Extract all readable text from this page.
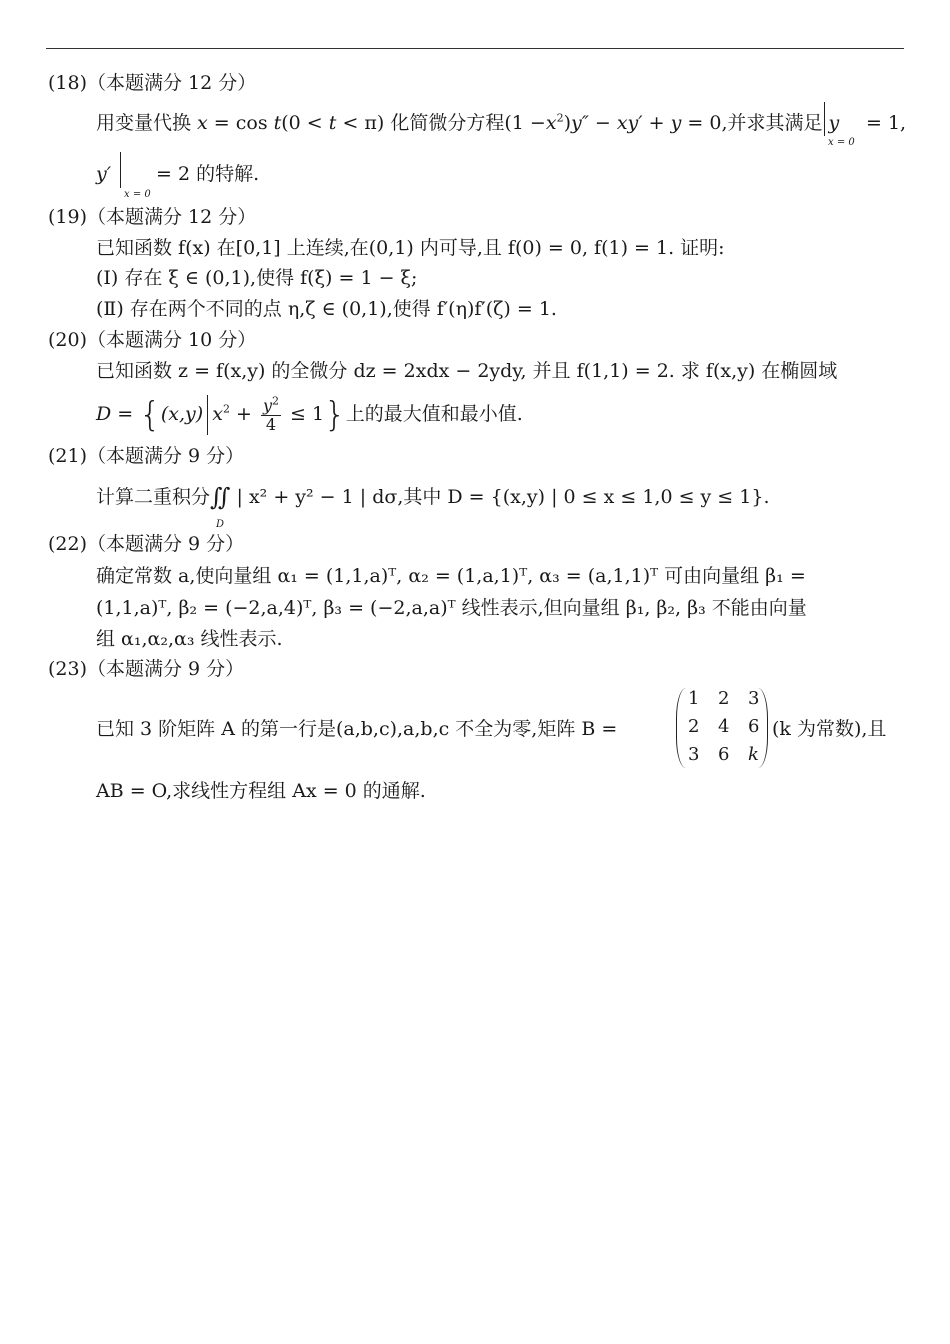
(18)（本题满分 12 分）
用变量代换 x = cos t(0 < t < π) 化简微分方程$(1 -x^2)y'' - xy' + y = 0$,并求其满足 y
x = 0
= 1,
y′
x = 0
= 2 的特解.
(19)（本题满分 12 分）
已知函数 f(x) 在[0,1] 上连续,在(0,1) 内可导,且 f(0) = 0, f(1) = 1. 证明:
(Ⅰ) 存在 ξ ∈ (0,1),使得 f(ξ) = 1 − ξ;
(Ⅱ) 存在两个不同的点 η,ζ ∈ (0,1),使得 f′(η)f′(ζ) = 1.
(20)（本题满分 10 分）
已知函数 z = f(x,y) 的全微分 dz = 2xdx − 2ydy, 并且 f(1,1) = 2. 求 f(x,y) 在椭圆域
D = {(x,y) $x^2 + \frac{y^2}{4} \le 1$}上的最大值和最小值.
(21)（本题满分 9 分）
计算二重积分∬
D
| x² + y² − 1 | dσ,其中 D = {(x,y) | 0 ≤ x ≤ 1,0 ≤ y ≤ 1}.
(22)（本题满分 9 分）
确定常数 a,使向量组 α₁ = (1,1,a)ᵀ, α₂ = (1,a,1)ᵀ, α₃ = (a,1,1)ᵀ 可由向量组 β₁ =
(1,1,a)ᵀ, β₂ = (−2,a,4)ᵀ, β₃ = (−2,a,a)ᵀ 线性表示,但向量组 β₁, β₂, β₃ 不能由向量
组 α₁,α₂,α₃ 线性表示.
(23)（本题满分 9 分）
已知 3 阶矩阵 A 的第一行是(a,b,c),a,b,c 不全为零,矩阵 B =
1 2 3
2 4 6
3 6 k
(k 为常数),且
AB = O,求线性方程组 Ax = 0 的通解.
